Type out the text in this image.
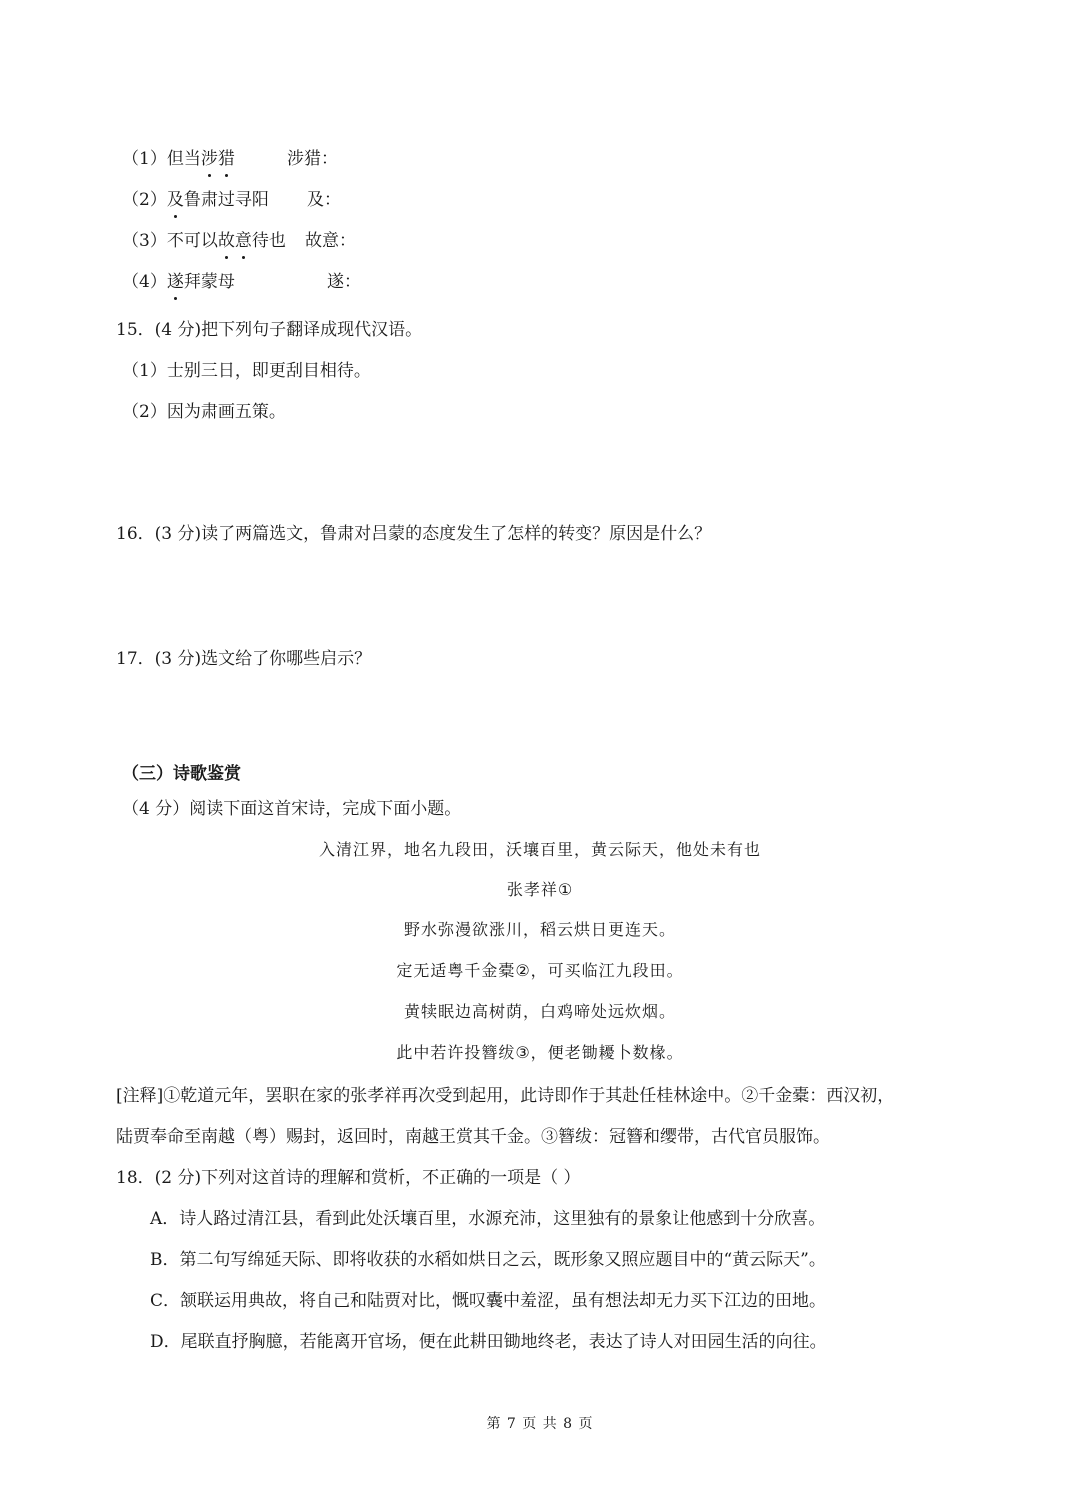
（1）但当涉猎	涉猎：
（2）及鲁肃过寻阳 及：
（3）不可以故意待也 故意：
（4）遂拜蒙母	遂：
15．(4 分)把下列句子翻译成现代汉语。
（1）士别三日，即更刮目相待。
（2）因为肃画五策。
16．(3 分)读了两篇选文，鲁肃对吕蒙的态度发生了怎样的转变？原因是什么？
17．(3 分)选文给了你哪些启示？
（三）诗歌鉴赏
（4 分）阅读下面这首宋诗，完成下面小题。
入清江界，地名九段田，沃壤百里，黄云际天，他处未有也
张孝祥①
野水弥漫欲涨川，稻云烘日更连天。
定无适粤千金橐②，可买临江九段田。
黄犊眠边高树荫，白鸡啼处远炊烟。
此中若许投簪绂③，便老锄耰卜数椽。
[注释]①乾道元年，罢职在家的张孝祥再次受到起用，此诗即作于其赴任桂林途中。②千金橐：西汉初，
陆贾奉命至南越（粤）赐封，返回时，南越王赏其千金。③簪绂：冠簪和缨带，古代官员服饰。
18．(2 分)下列对这首诗的理解和赏析，不正确的一项是（ ）
A．诗人路过清江县，看到此处沃壤百里，水源充沛，这里独有的景象让他感到十分欣喜。
B．第二句写绵延天际、即将收获的水稻如烘日之云，既形象又照应题目中的“黄云际天”。
C．颔联运用典故，将自己和陆贾对比，慨叹囊中羞涩，虽有想法却无力买下江边的田地。
D．尾联直抒胸臆，若能离开官场，便在此耕田锄地终老，表达了诗人对田园生活的向往。
第 7 页 共 8 页
